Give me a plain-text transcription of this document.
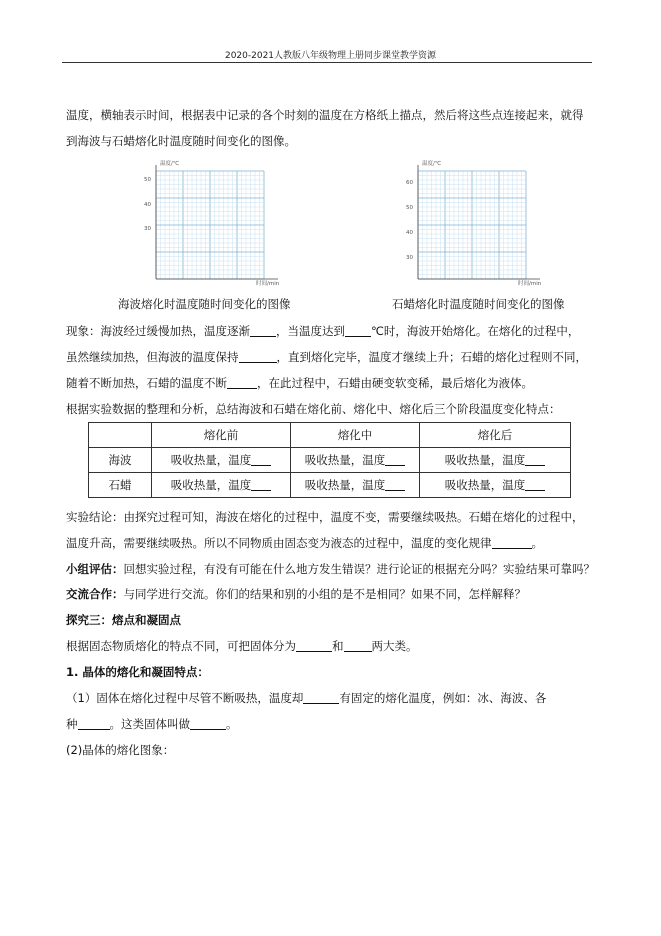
2020-2021人教版八年级物理上册同步课堂教学资源
温度，横轴表示时间，根据表中记录的各个时刻的温度在方格纸上描点，然后将这些点连接起来，就得
到海波与石蜡熔化时温度随时间变化的图像。
温度/℃
时间/min
50
40
30
温度/℃
时间/min
60
50
40
30
海波熔化时温度随时间变化的图像	石蜡熔化时温度随时间变化的图像
现象：海波经过缓慢加热，温度逐渐 ，当温度达到 ℃时，海波开始熔化。在熔化的过程中，
虽然继续加热，但海波的温度保持	，直到熔化完毕，温度才继续上升；石蜡的熔化过程则不同，
随着不断加热，石蜡的温度不断	，在此过程中，石蜡由硬变软变稀，最后熔化为液体。
根据实验数据的整理和分析，总结海波和石蜡在熔化前、熔化中、熔化后三个阶段温度变化特点：
	熔化前	熔化中	熔化后
海波	吸收热量，温度	吸收热量，温度	吸收热量，温度
石蜡	吸收热量，温度	吸收热量，温度	吸收热量，温度
实验结论：由探究过程可知，海波在熔化的过程中，温度不变，需要继续吸热。石蜡在熔化的过程中，
温度升高，需要继续吸热。所以不同物质由固态变为液态的过程中，温度的变化规律	。
小组评估：回想实验过程，有没有可能在什么地方发生错误？进行论证的根据充分吗？实验结果可靠吗？
交流合作：与同学进行交流。你们的结果和别的小组的是不是相同？如果不同，怎样解释？
探究三：熔点和凝固点
根据固态物质熔化的特点不同，可把固体分为	和 两大类。
1. 晶体的熔化和凝固特点：
（1）固体在熔化过程中尽管不断吸热，温度却	有固定的熔化温度，例如：冰、海波、各
种	。这类固体叫做	。
(2)晶体的熔化图象：
